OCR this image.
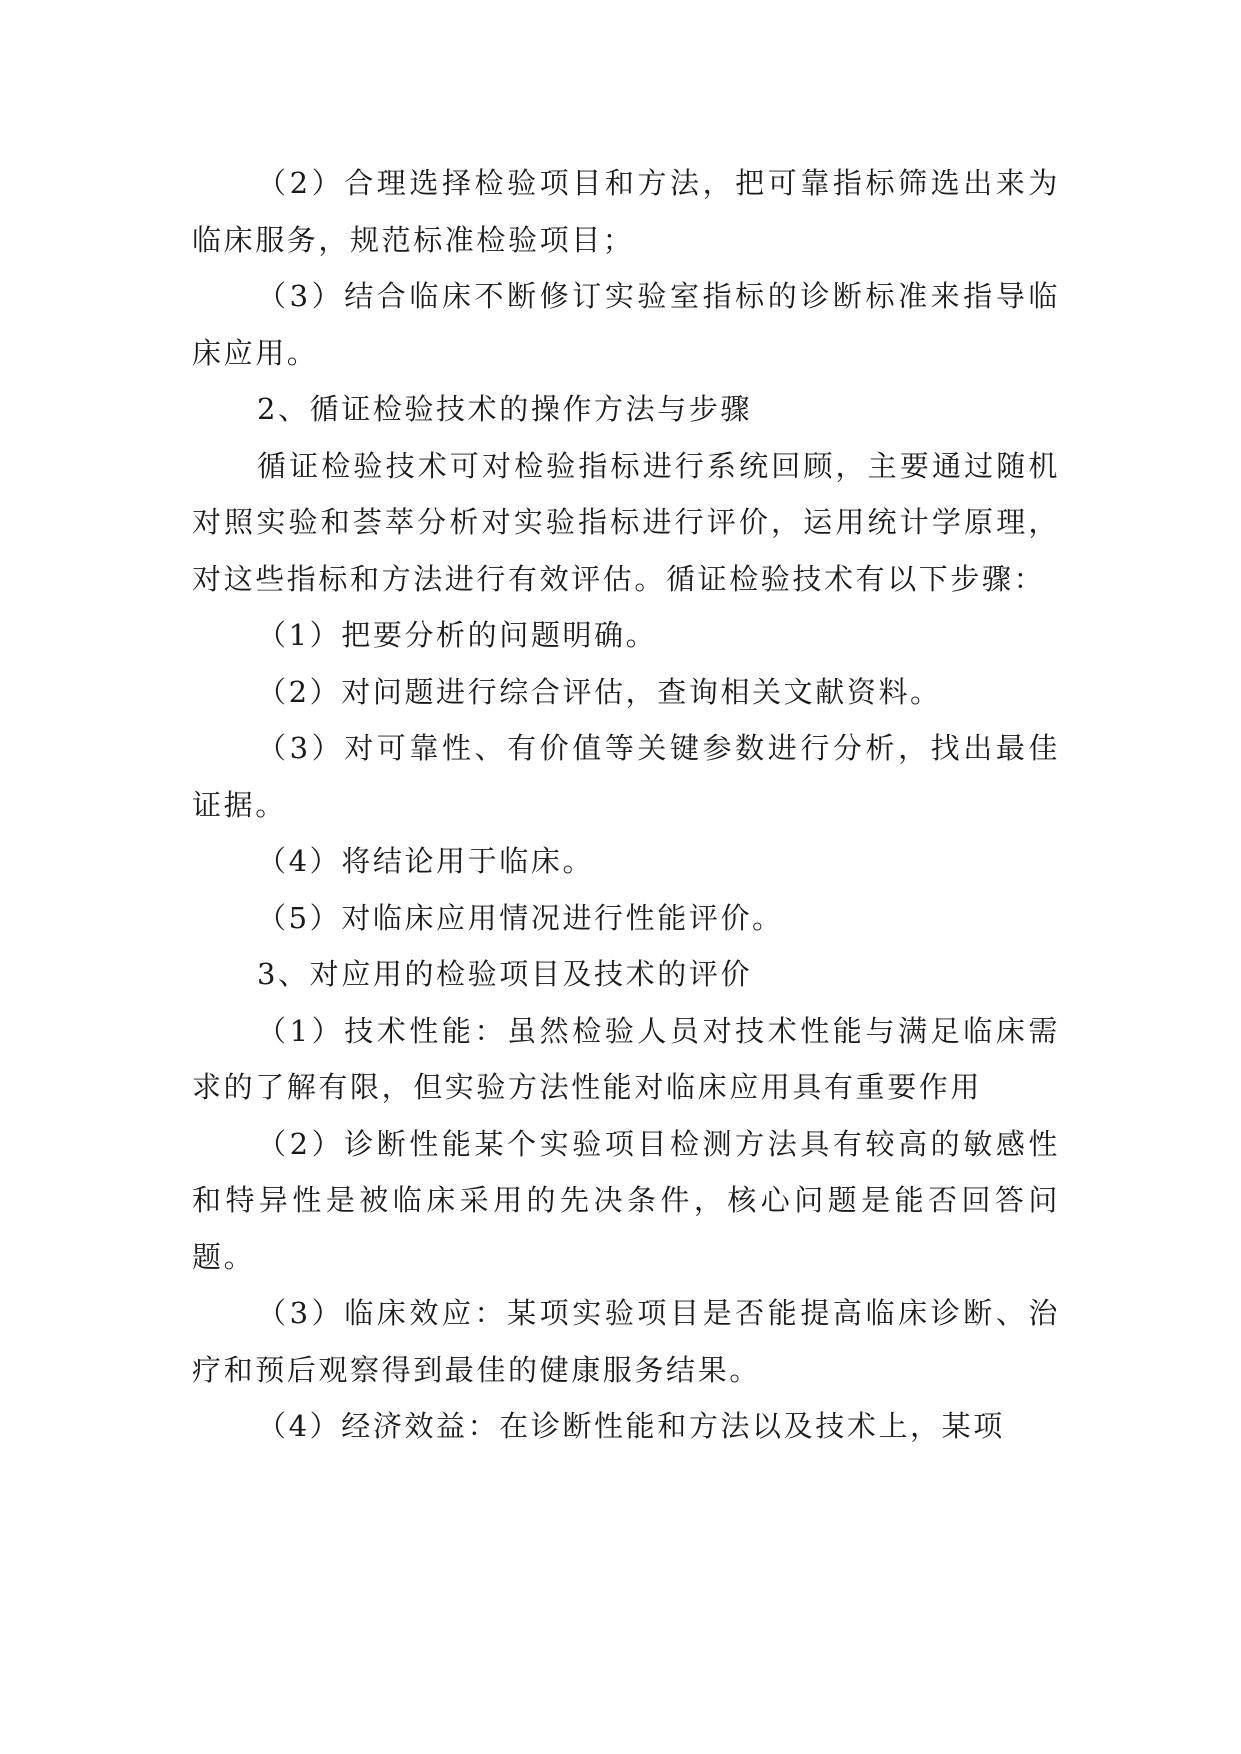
（2）合理选择检验项目和方法，把可靠指标筛选出来为临床服务，规范标准检验项目；

（3）结合临床不断修订实验室指标的诊断标准来指导临床应用。

2、循证检验技术的操作方法与步骤

循证检验技术可对检验指标进行系统回顾，主要通过随机对照实验和荟萃分析对实验指标进行评价，运用统计学原理，对这些指标和方法进行有效评估。循证检验技术有以下步骤：

（1）把要分析的问题明确。

（2）对问题进行综合评估，查询相关文献资料。

（3）对可靠性、有价值等关键参数进行分析，找出最佳证据。

（4）将结论用于临床。

（5）对临床应用情况进行性能评价。

3、对应用的检验项目及技术的评价

（1）技术性能：虽然检验人员对技术性能与满足临床需求的了解有限，但实验方法性能对临床应用具有重要作用

（2）诊断性能某个实验项目检测方法具有较高的敏感性和特异性是被临床采用的先决条件，核心问题是能否回答问题。

（3）临床效应：某项实验项目是否能提高临床诊断、治疗和预后观察得到最佳的健康服务结果。

（4）经济效益：在诊断性能和方法以及技术上，某项
